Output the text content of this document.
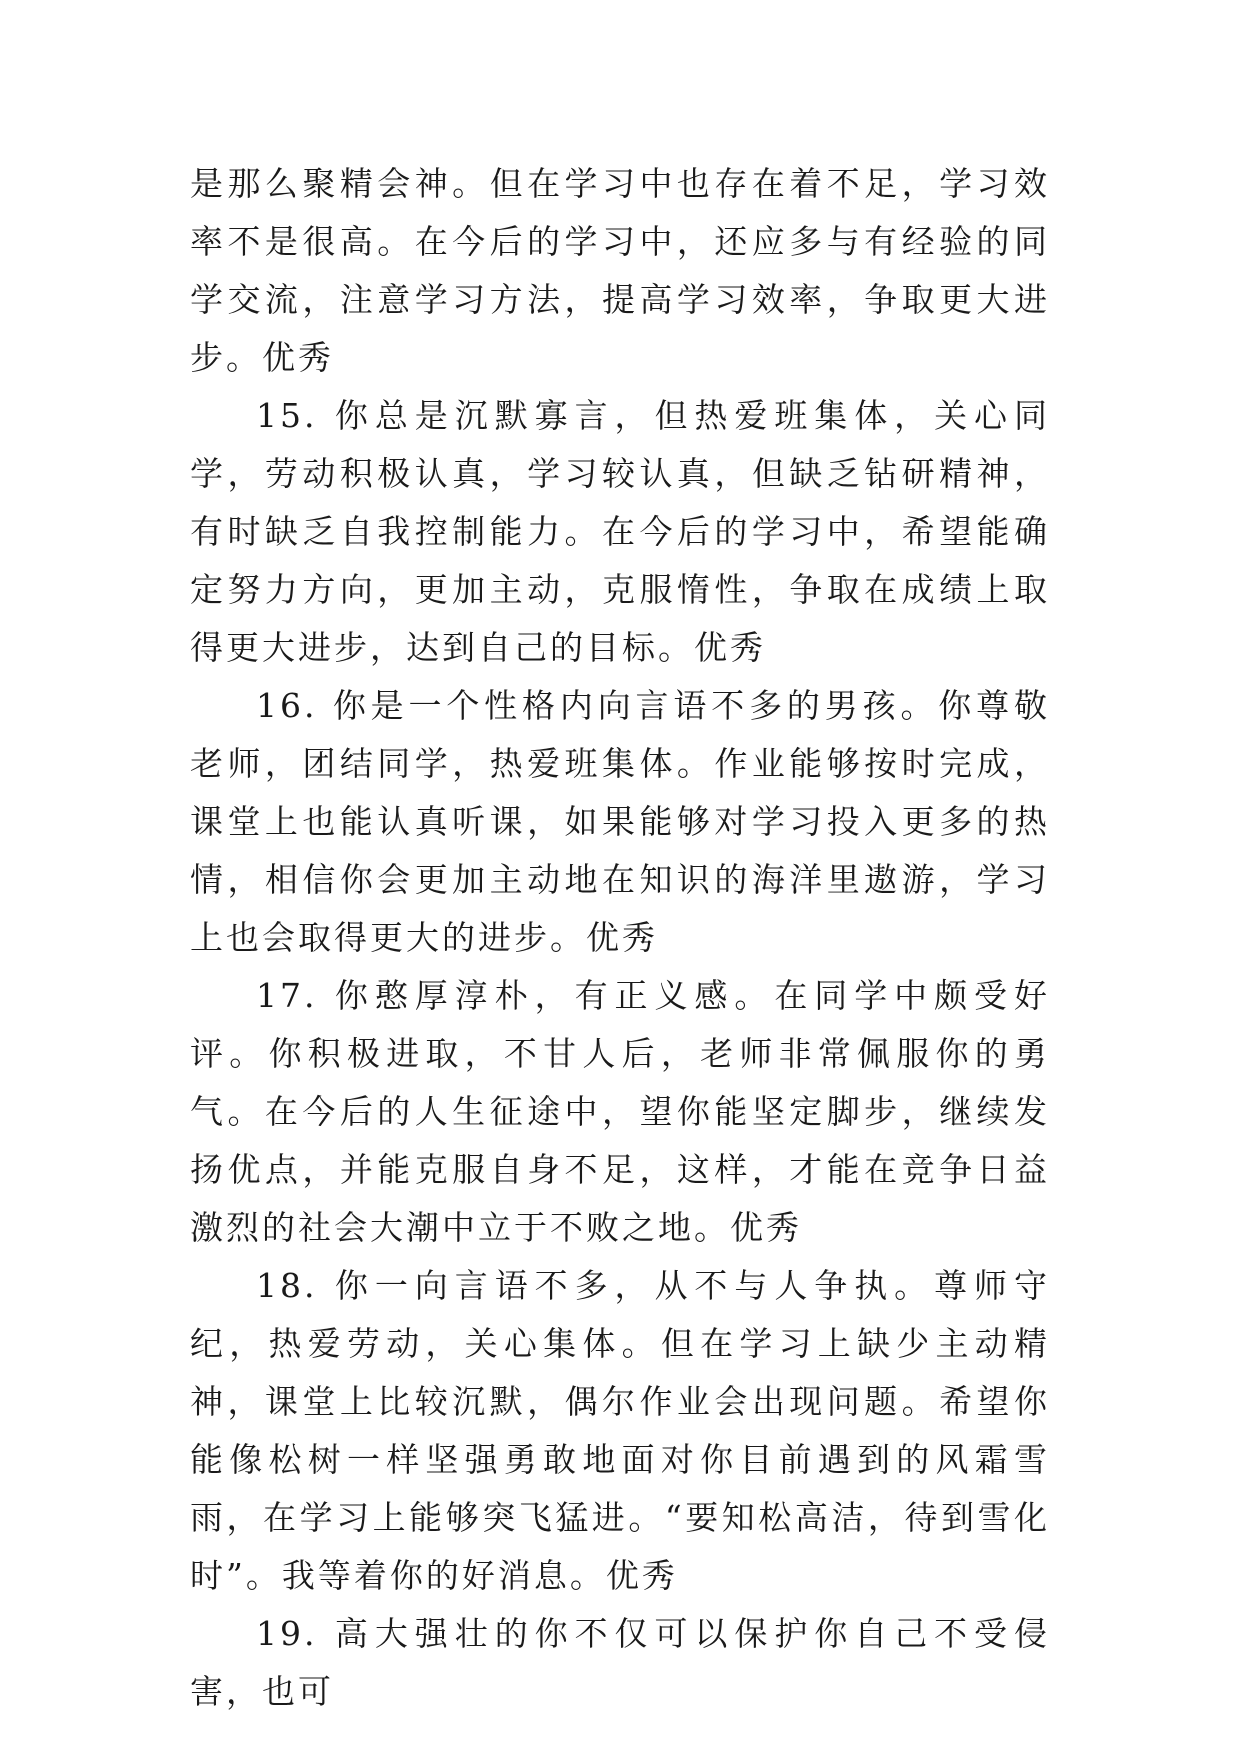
是那么聚精会神。但在学习中也存在着不足，学习效率不是很高。在今后的学习中，还应多与有经验的同学交流，注意学习方法，提高学习效率，争取更大进步。优秀

15. 你总是沉默寡言，但热爱班集体，关心同学，劳动积极认真，学习较认真，但缺乏钻研精神，有时缺乏自我控制能力。在今后的学习中，希望能确定努力方向，更加主动，克服惰性，争取在成绩上取得更大进步，达到自己的目标。优秀

16. 你是一个性格内向言语不多的男孩。你尊敬老师，团结同学，热爱班集体。作业能够按时完成，课堂上也能认真听课，如果能够对学习投入更多的热情，相信你会更加主动地在知识的海洋里遨游，学习上也会取得更大的进步。优秀

17. 你憨厚淳朴，有正义感。在同学中颇受好评。你积极进取，不甘人后，老师非常佩服你的勇气。在今后的人生征途中，望你能坚定脚步，继续发扬优点，并能克服自身不足，这样，才能在竞争日益激烈的社会大潮中立于不败之地。优秀

18. 你一向言语不多，从不与人争执。尊师守纪，热爱劳动，关心集体。但在学习上缺少主动精神，课堂上比较沉默，偶尔作业会出现问题。希望你能像松树一样坚强勇敢地面对你目前遇到的风霜雪雨，在学习上能够突飞猛进。“要知松高洁，待到雪化时”。我等着你的好消息。优秀

19. 高大强壮的你不仅可以保护你自己不受侵害，也可
